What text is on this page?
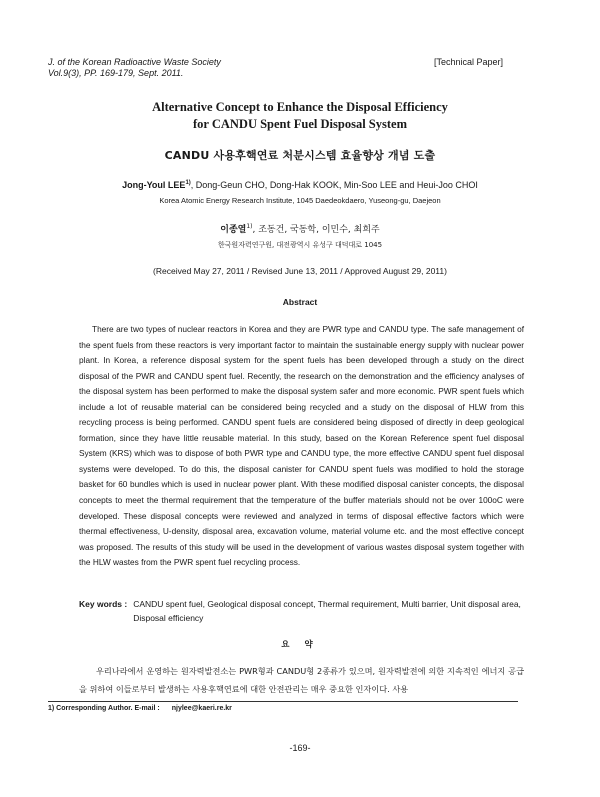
J. of the Korean Radioactive Waste Society
Vol.9(3), PP. 169-179, Sept. 2011.
[Technical Paper]
Alternative Concept to Enhance the Disposal Efficiency
for CANDU Spent Fuel Disposal System
CANDU 사용후핵연료 처분시스템 효율향상 개념 도출
Jong-Youl LEE$^{1)}$, Dong-Geun CHO, Dong-Hak KOOK, Min-Soo LEE and Heui-Joo CHOI
Korea Atomic Energy Research Institute, 1045 Daedeokdaero, Yuseong-gu, Daejeon
이종열$^{1)}$, 조동건, 국동학, 이민수, 최희주
한국원자력연구원, 대전광역시 유성구 대덕대로 1045
(Received May 27, 2011 / Revised June 13, 2011 / Approved August 29, 2011)
Abstract
There are two types of nuclear reactors in Korea and they are PWR type and CANDU type. The safe management of the spent fuels from these reactors is very important factor to maintain the sustainable energy supply with nuclear power plant. In Korea, a reference disposal system for the spent fuels has been developed through a study on the direct disposal of the PWR and CANDU spent fuel. Recently, the research on the demonstration and the efficiency analyses of the disposal system has been performed to make the disposal system safer and more economic. PWR spent fuels which include a lot of reusable material can be considered being recycled and a study on the disposal of HLW from this recycling process is being performed. CANDU spent fuels are considered being disposed of directly in deep geological formation, since they have little reusable material. In this study, based on the Korean Reference spent fuel disposal System (KRS) which was to dispose of both PWR type and CANDU type, the more effective CANDU spent fuel disposal systems were developed. To do this, the disposal canister for CANDU spent fuels was modified to hold the storage basket for 60 bundles which is used in nuclear power plant. With these modified disposal canister concepts, the disposal concepts to meet the thermal requirement that the temperature of the buffer materials should not be over 100oC were developed. These disposal concepts were reviewed and analyzed in terms of disposal effective factors which were thermal effectiveness, U-density, disposal area, excavation volume, material volume etc. and the most effective concept was proposed. The results of this study will be used in the development of various wastes disposal system together with the HLW wastes from the PWR spent fuel recycling process.
Key words : CANDU spent fuel, Geological disposal concept, Thermal requirement, Multi barrier, Unit disposal area, Disposal efficiency
요 약
우리나라에서 운영하는 원자력발전소는 PWR형과 CANDU형 2종류가 있으며, 원자력발전에 의한 지속적인 에너지 공급을 위하여 이들로부터 발생하는 사용후핵연료에 대한 안전관리는 매우 중요한 인자이다. 사용
1) Corresponding Author. E-mail : njylee@kaeri.re.kr
-169-
